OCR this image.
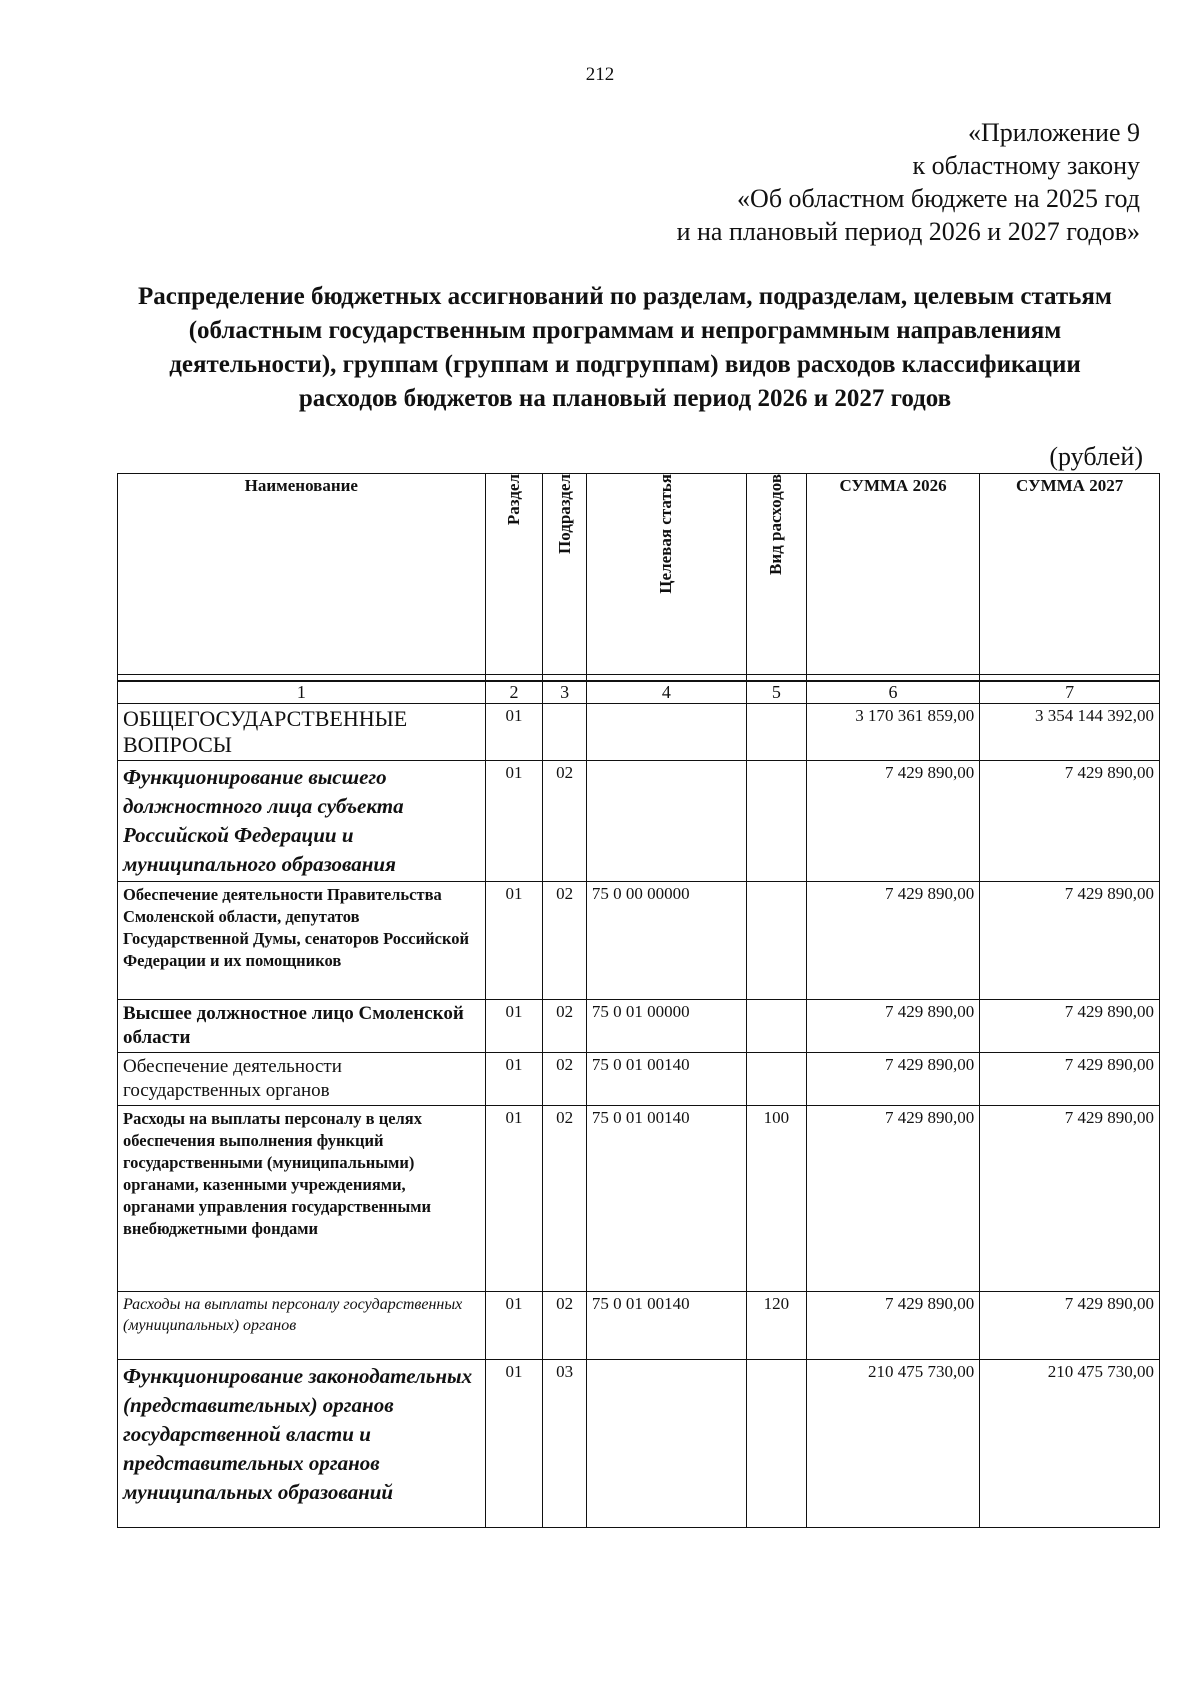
212
«Приложение 9
к областному закону
«Об областном бюджете на 2025 год
и на плановый период 2026 и 2027 годов»
Распределение бюджетных ассигнований по разделам, подразделам, целевым статьям (областным государственным программам и непрограммным направлениям деятельности), группам (группам и подгруппам) видов расходов классификации расходов бюджетов на плановый период 2026 и 2027 годов
(рублей)
Наименование	Раздел	Подраздел	Целевая статья	Вид расходов	СУММА 2026	СУММА 2027

1	2	3	4	5	6	7
ОБЩЕГОСУДАРСТВЕННЫЕ ВОПРОСЫ	01				3 170 361 859,00	3 354 144 392,00
Функционирование высшего должностного лица субъекта Российской Федерации и муниципального образования	01	02			7 429 890,00	7 429 890,00
Обеспечение деятельности Правительства Смоленской области, депутатов Государственной Думы, сенаторов Российской Федерации и их помощников	01	02	75 0 00 00000		7 429 890,00	7 429 890,00
Высшее должностное лицо Смоленской области	01	02	75 0 01 00000		7 429 890,00	7 429 890,00
Обеспечение деятельности государственных органов	01	02	75 0 01 00140		7 429 890,00	7 429 890,00
Расходы на выплаты персоналу в целях обеспечения выполнения функций государственными (муниципальными) органами, казенными учреждениями, органами управления государственными внебюджетными фондами	01	02	75 0 01 00140	100	7 429 890,00	7 429 890,00
Расходы на выплаты персоналу государственных (муниципальных) органов	01	02	75 0 01 00140	120	7 429 890,00	7 429 890,00
Функционирование законодательных (представительных) органов государственной власти и представительных органов муниципальных образований	01	03			210 475 730,00	210 475 730,00
